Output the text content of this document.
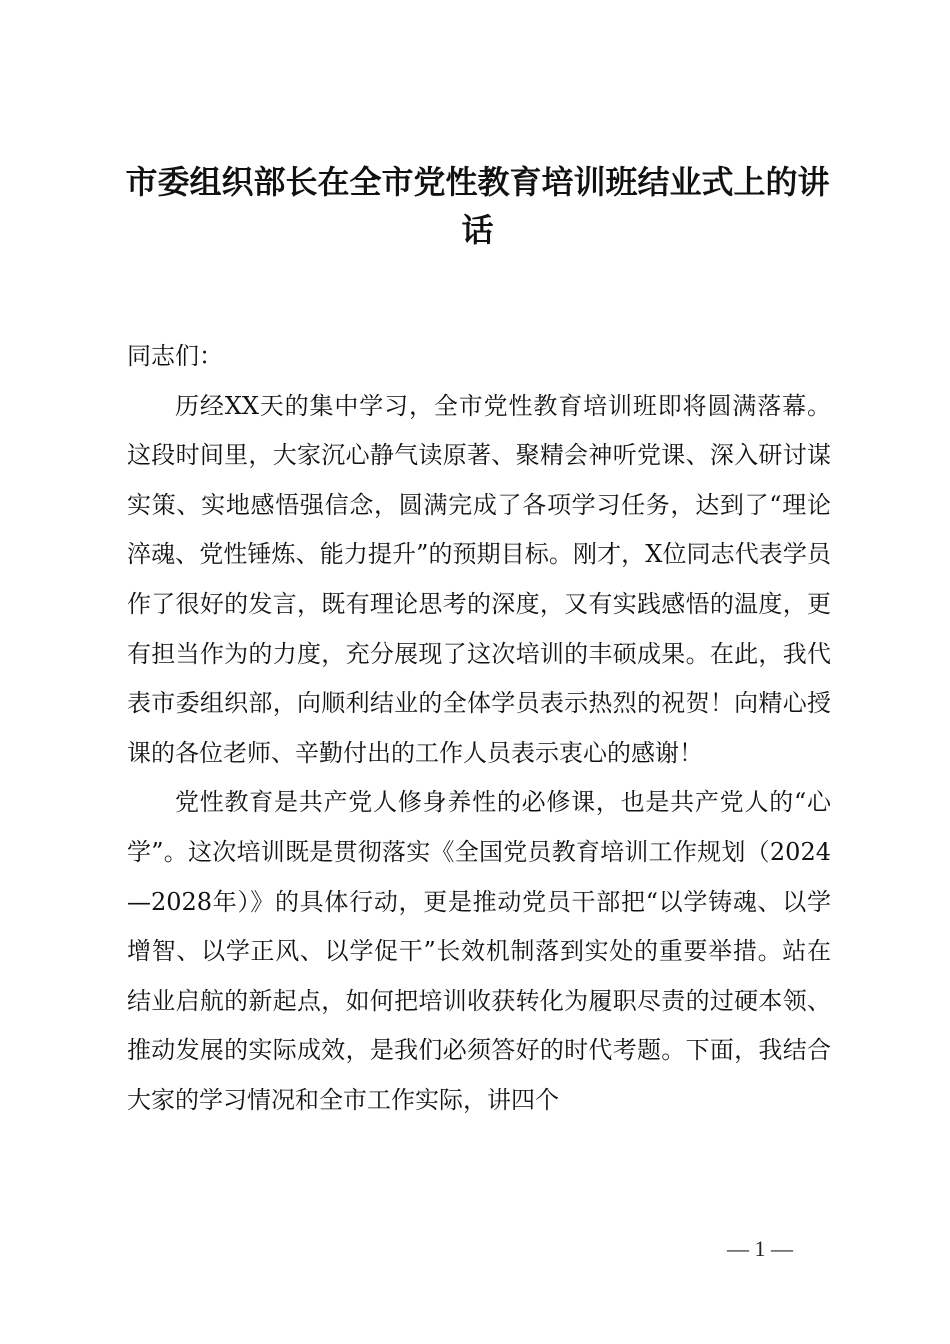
市委组织部长在全市党性教育培训班结业式上的讲话

同志们：

历经XX天的集中学习，全市党性教育培训班即将圆满落幕。这段时间里，大家沉心静气读原著、聚精会神听党课、深入研讨谋实策、实地感悟强信念，圆满完成了各项学习任务，达到了“理论淬魂、党性锤炼、能力提升”的预期目标。刚才，X位同志代表学员作了很好的发言，既有理论思考的深度，又有实践感悟的温度，更有担当作为的力度，充分展现了这次培训的丰硕成果。在此，我代表市委组织部，向顺利结业的全体学员表示热烈的祝贺！向精心授课的各位老师、辛勤付出的工作人员表示衷心的感谢！

党性教育是共产党人修身养性的必修课，也是共产党人的“心学”。这次培训既是贯彻落实《全国党员教育培训工作规划（2024—2028年）》的具体行动，更是推动党员干部把“以学铸魂、以学增智、以学正风、以学促干”长效机制落到实处的重要举措。站在结业启航的新起点，如何把培训收获转化为履职尽责的过硬本领、推动发展的实际成效，是我们必须答好的时代考题。下面，我结合大家的学习情况和全市工作实际，讲四个

— 1 —
